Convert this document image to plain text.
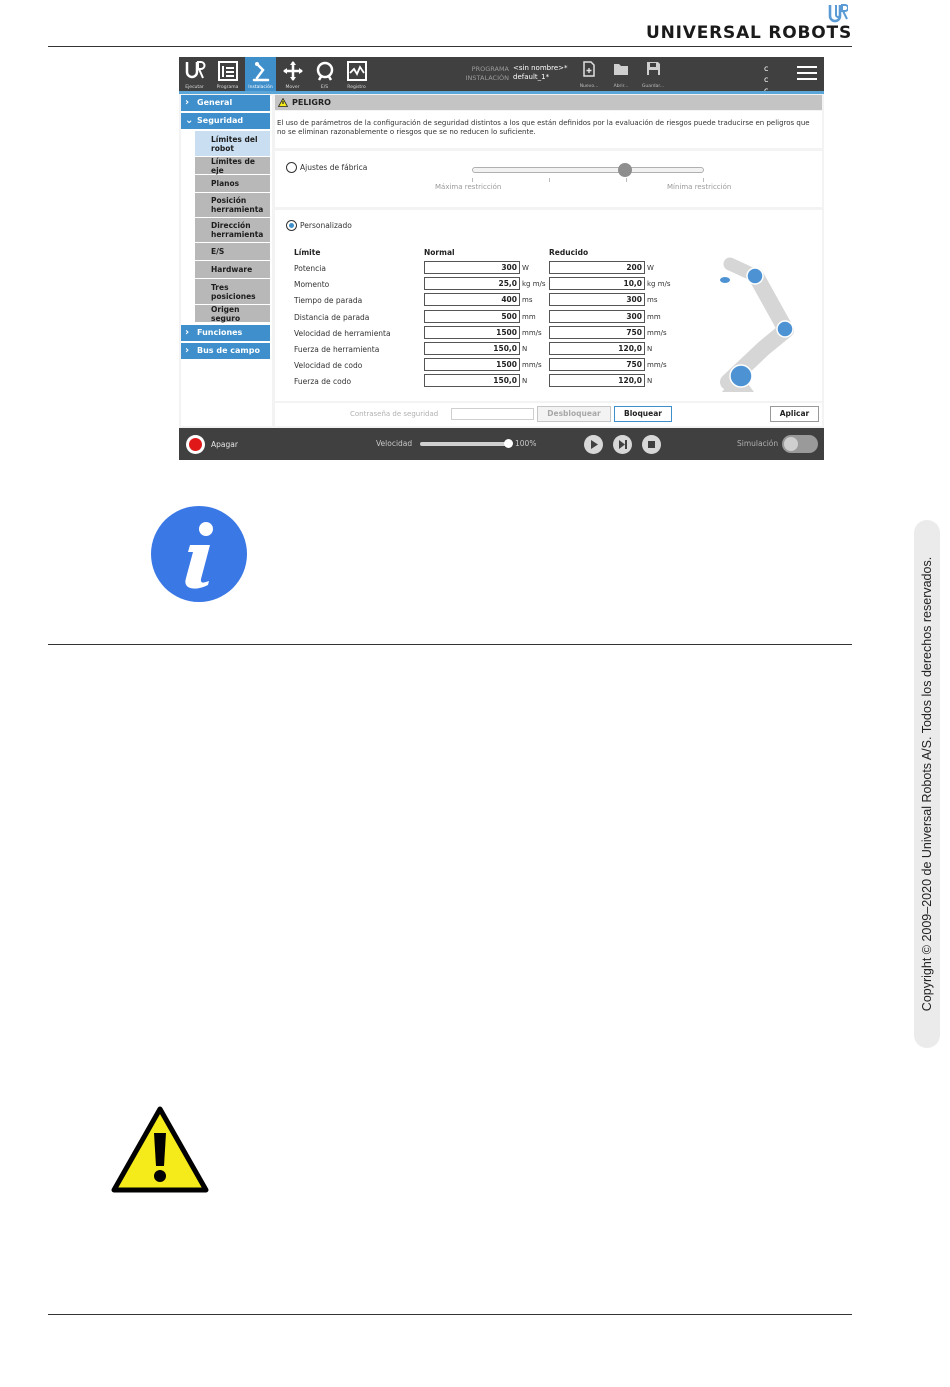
UNIVERSAL ROBOTS
Ejecutar	Programa	Instalación	Mover	E/S	Registro
PROGRAMA <sin nombre>*
INSTALACIÓN default_1*
Nuevo...	Abrir...	Guardar...
c c
› General
⌄ Seguridad
Límites del robot
Límites de eje
Planos
Posición herramienta
Dirección herramienta
E/S
Hardware
Tres posiciones
Origen seguro
› Funciones
› Bus de campo
PELIGRO
El uso de parámetros de la configuración de seguridad distintos a los que están definidos por la evaluación de riesgos puede traducirse en peligros que no se eliminan razonablemente o riesgos que se no reducen lo suficiente.
Ajustes de fábrica
Máxima restricción	Mínima restricción
Personalizado
Límite	Normal	Reducido
Potencia	300 W	200 W
Momento	25,0 kg m/s	10,0 kg m/s
Tiempo de parada	400 ms	300 ms
Distancia de parada	500 mm	300 mm
Velocidad de herramienta	1500 mm/s	750 mm/s
Fuerza de herramienta	150,0 N	120,0 N
Velocidad de codo	1500 mm/s	750 mm/s
Fuerza de codo	150,0 N	120,0 N
Contraseña de seguridad	Desbloquear	Bloquear	Aplicar
Apagar	Velocidad	100%	Simulación
Copyright © 2009–2020 de Universal Robots A/S. Todos los derechos reservados.
